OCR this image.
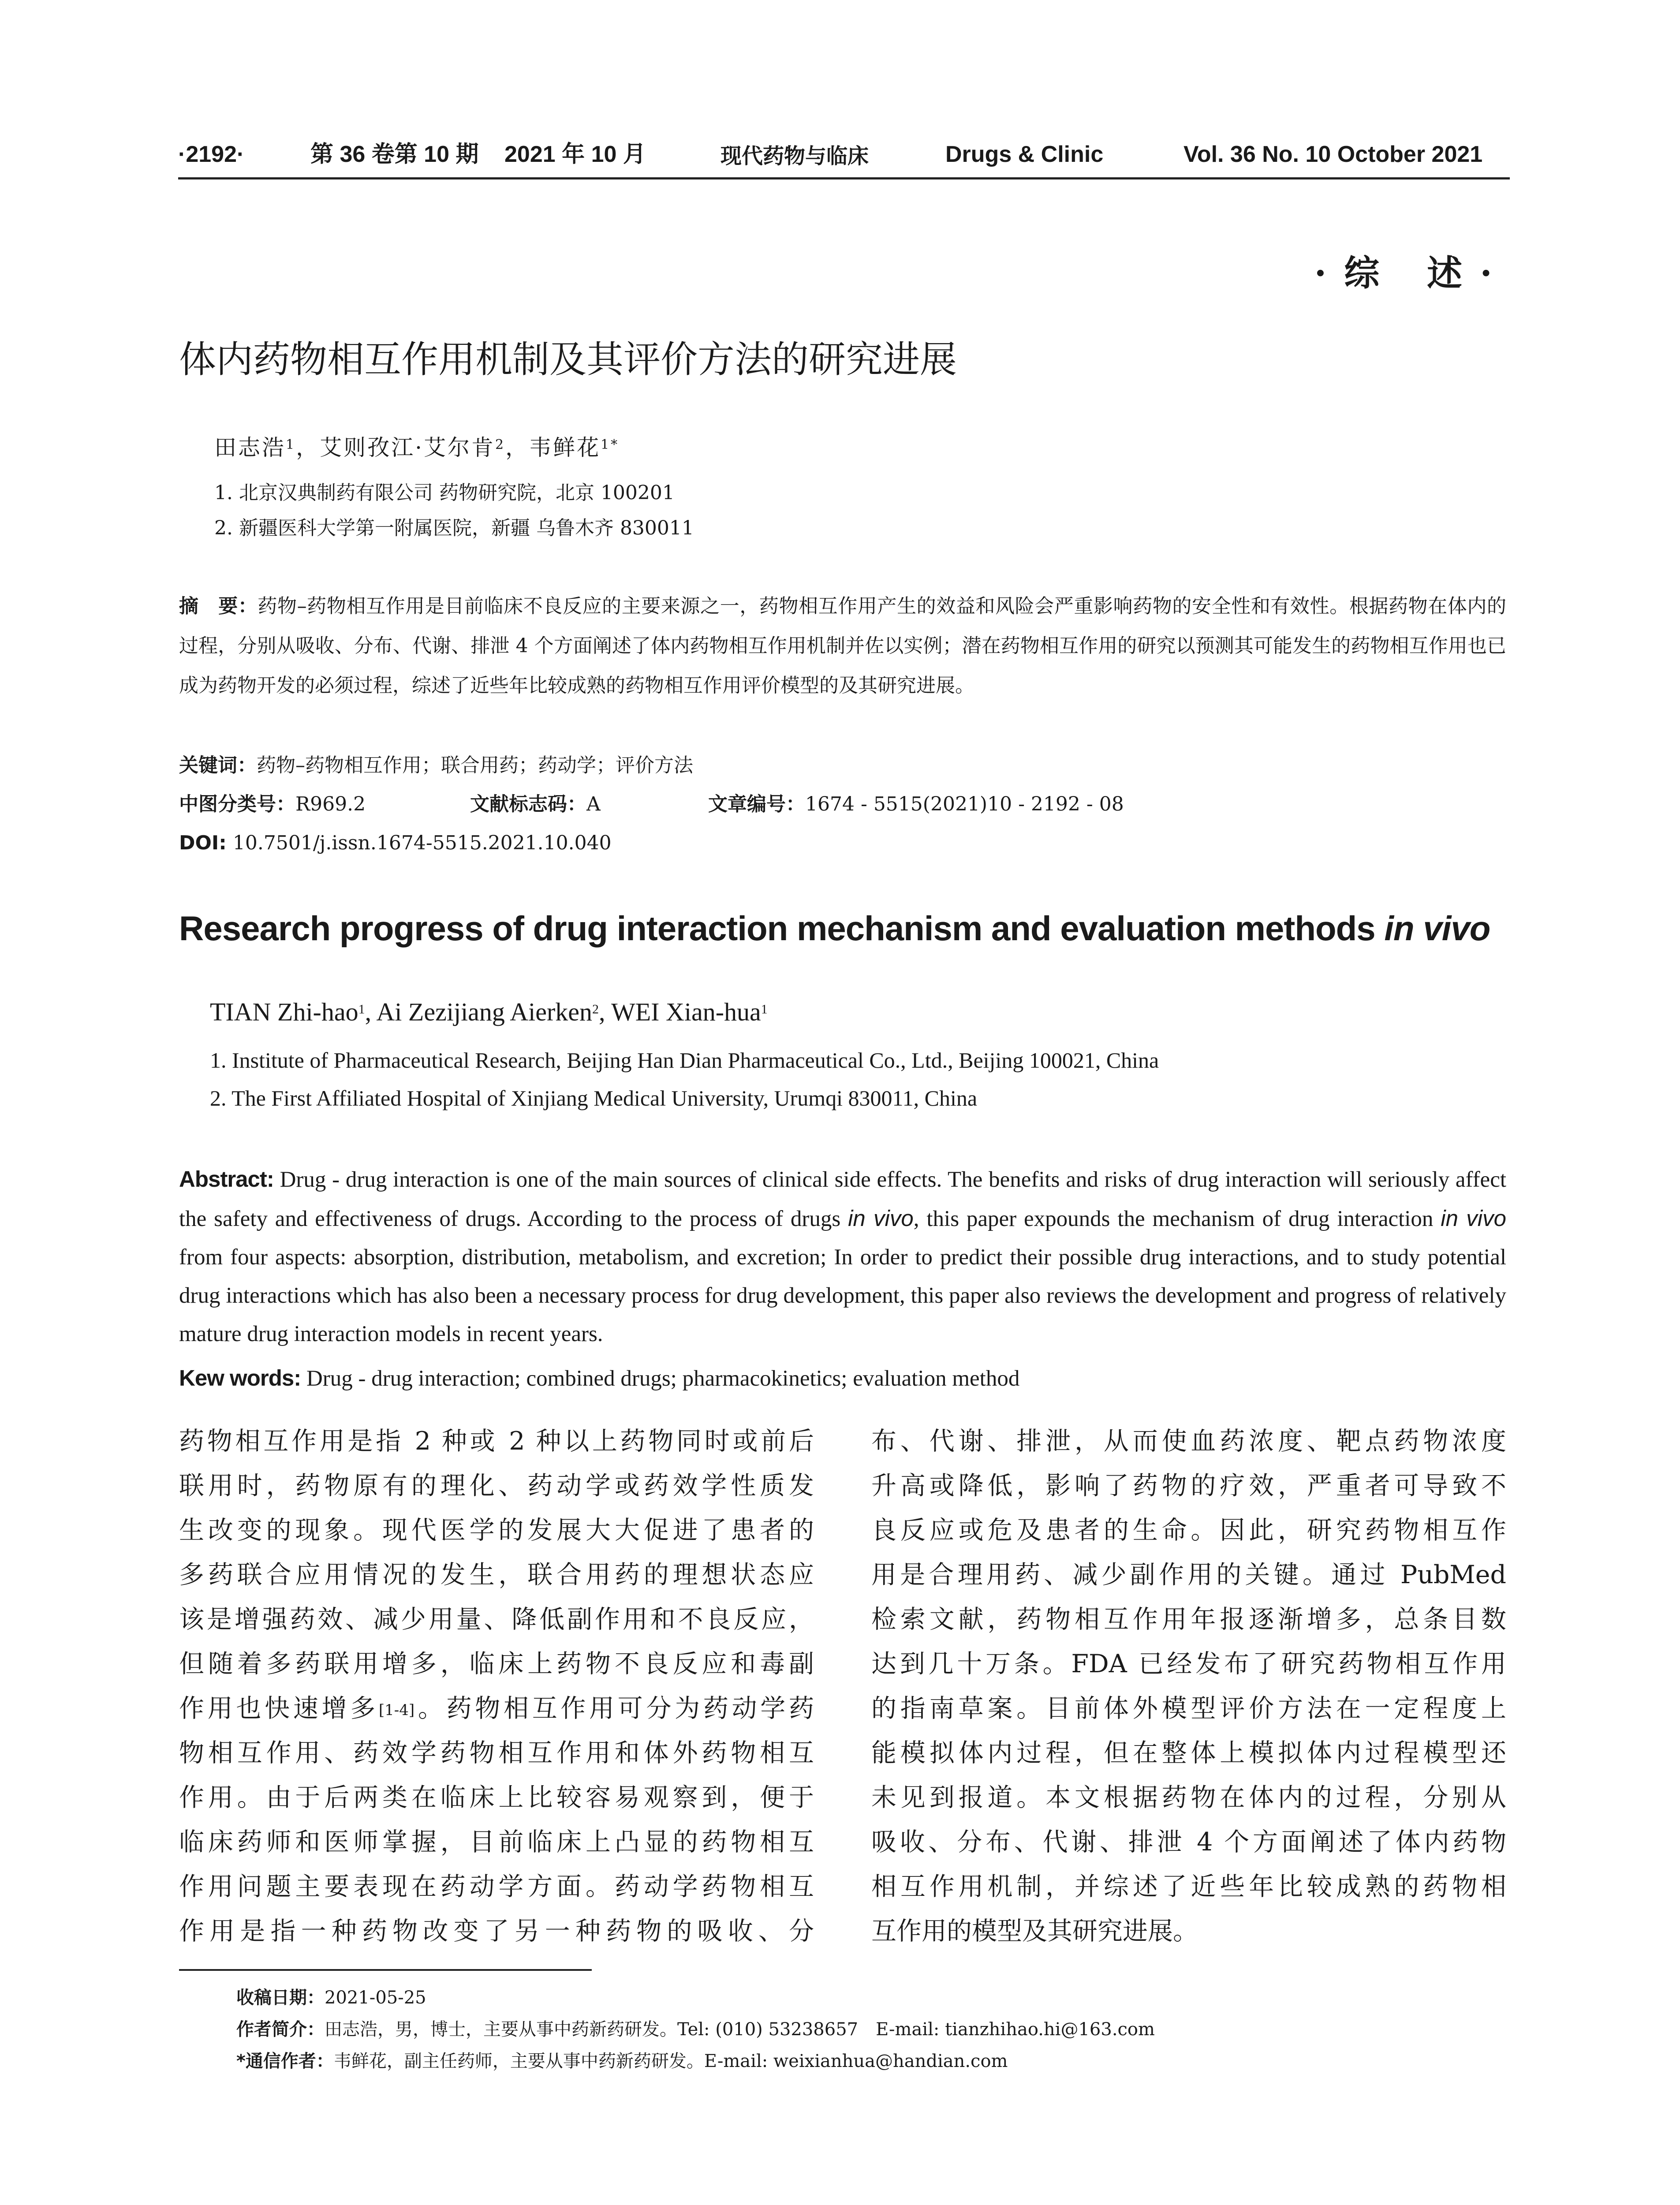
·2192·	第 36 卷第 10 期 2021 年 10 月	现代药物与临床	Drugs & Clinic	Vol. 36 No. 10 October 2021
·综 述·
体内药物相互作用机制及其评价方法的研究进展
田志浩$^1$，艾则孜江·艾尔肯$^2$，韦鲜花$^{1*}$
1. 北京汉典制药有限公司 药物研究院，北京 100201
2. 新疆医科大学第一附属医院，新疆 乌鲁木齐 830011
摘　要：药物–药物相互作用是目前临床不良反应的主要来源之一，药物相互作用产生的效益和风险会严重影响药物的安全性和有效性。根据药物在体内的过程，分别从吸收、分布、代谢、排泄 4 个方面阐述了体内药物相互作用机制并佐以实例；潜在药物相互作用的研究以预测其可能发生的药物相互作用也已成为药物开发的必须过程，综述了近些年比较成熟的药物相互作用评价模型的及其研究进展。
关键词：药物–药物相互作用；联合用药；药动学；评价方法
中图分类号：R969.2	文献标志码：A	文章编号：1674 - 5515(2021)10 - 2192 - 08
DOI: 10.7501/j.issn.1674-5515.2021.10.040
Research progress of drug interaction mechanism and evaluation methods in vivo
TIAN Zhi-hao$^1$, Ai Zezijiang Aierken$^2$, WEI Xian-hua$^1$
1. Institute of Pharmaceutical Research, Beijing Han Dian Pharmaceutical Co., Ltd., Beijing 100021, China
2. The First Affiliated Hospital of Xinjiang Medical University, Urumqi 830011, China
Abstract: Drug - drug interaction is one of the main sources of clinical side effects. The benefits and risks of drug interaction will seriously affect the safety and effectiveness of drugs. According to the process of drugs in vivo, this paper expounds the mechanism of drug interaction in vivo from four aspects: absorption, distribution, metabolism, and excretion; In order to predict their possible drug interactions, and to study potential drug interactions which has also been a necessary process for drug development, this paper also reviews the development and progress of relatively mature drug interaction models in recent years.
Kew words: Drug - drug interaction; combined drugs; pharmacokinetics; evaluation method
药物相互作用是指 2 种或 2 种以上药物同时或前后
联用时，药物原有的理化、药动学或药效学性质发
生改变的现象。现代医学的发展大大促进了患者的
多药联合应用情况的发生，联合用药的理想状态应
该是增强药效、减少用量、降低副作用和不良反应，
但随着多药联用增多，临床上药物不良反应和毒副
作用也快速增多[1-4]。药物相互作用可分为药动学药
物相互作用、药效学药物相互作用和体外药物相互
作用。由于后两类在临床上比较容易观察到，便于
临床药师和医师掌握，目前临床上凸显的药物相互
作用问题主要表现在药动学方面。药动学药物相互
作用是指一种药物改变了另一种药物的吸收、分
布、代谢、排泄，从而使血药浓度、靶点药物浓度
升高或降低，影响了药物的疗效，严重者可导致不
良反应或危及患者的生命。因此，研究药物相互作
用是合理用药、减少副作用的关键。通过 PubMed
检索文献，药物相互作用年报逐渐增多，总条目数
达到几十万条。FDA 已经发布了研究药物相互作用
的指南草案。目前体外模型评价方法在一定程度上
能模拟体内过程，但在整体上模拟体内过程模型还
未见到报道。本文根据药物在体内的过程，分别从
吸收、分布、代谢、排泄 4 个方面阐述了体内药物
相互作用机制，并综述了近些年比较成熟的药物相
互作用的模型及其研究进展。
收稿日期：2021-05-25
作者简介：田志浩，男，博士，主要从事中药新药研发。Tel: (010) 53238657　E-mail: tianzhihao.hi@163.com
*通信作者：韦鲜花，副主任药师，主要从事中药新药研发。E-mail: weixianhua@handian.com
